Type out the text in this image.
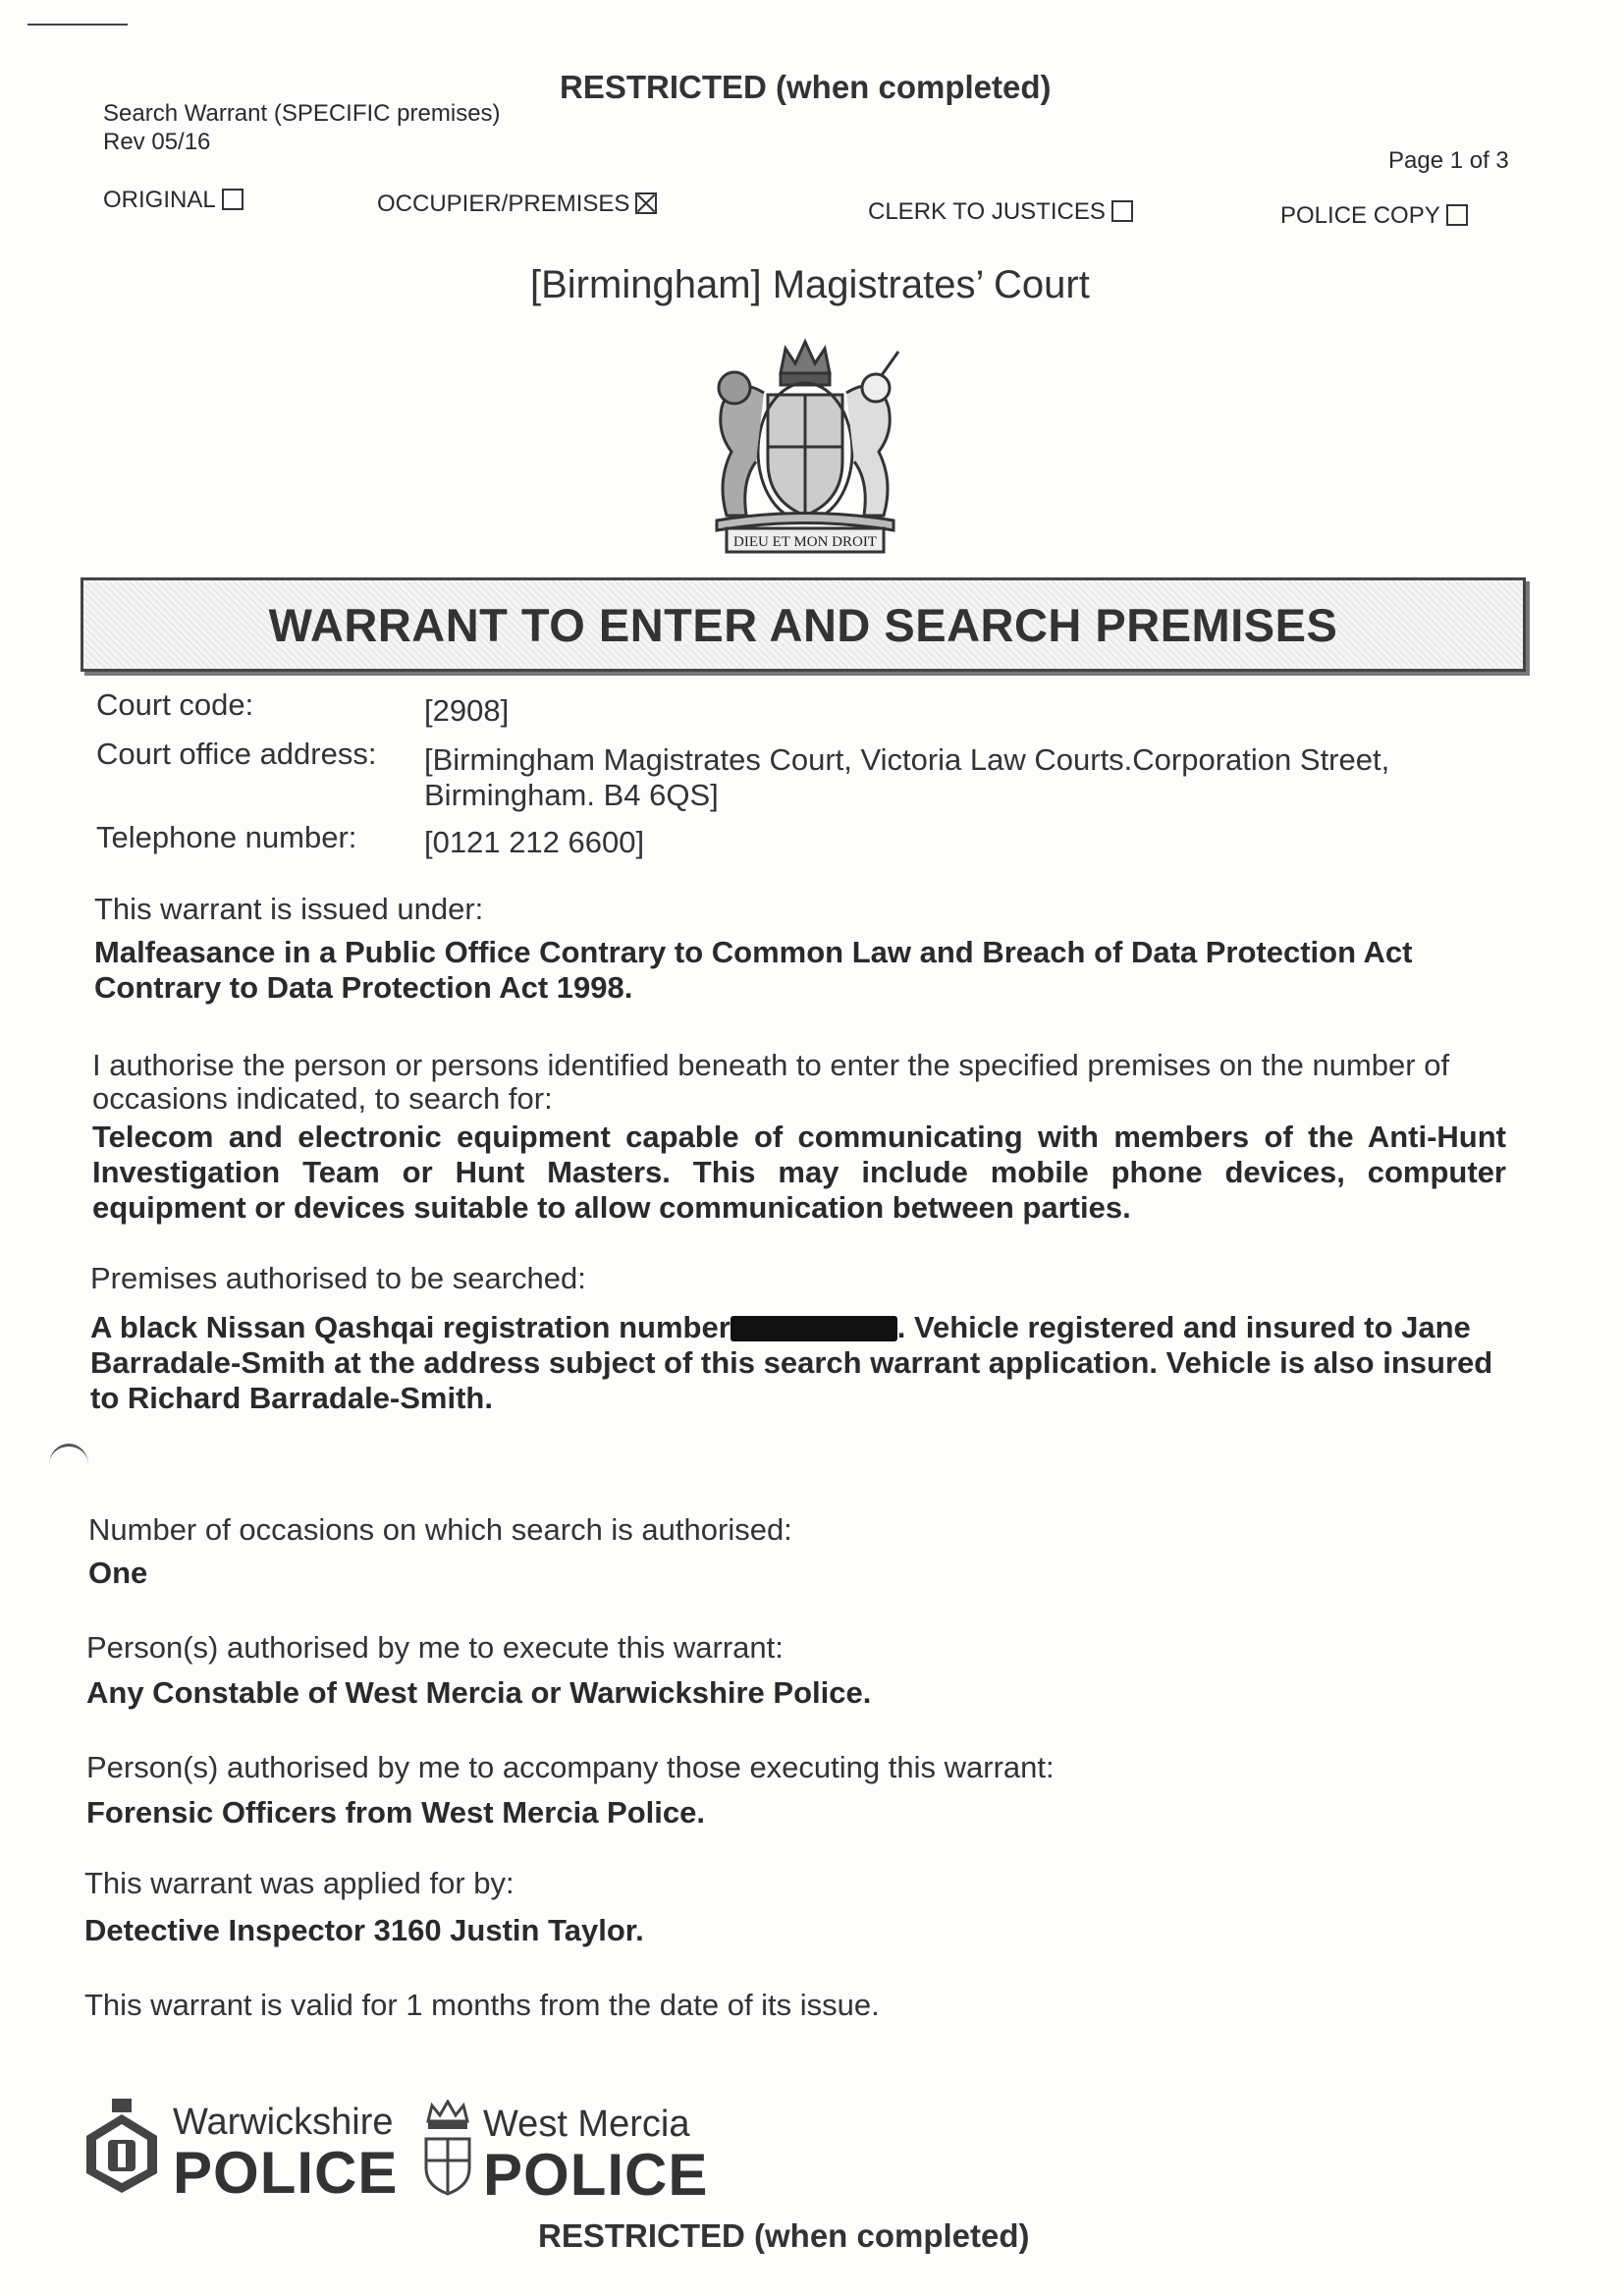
RESTRICTED (when completed)
Search Warrant (SPECIFIC premises)
Rev 05/16
Page 1 of 3
ORIGINAL	OCCUPIER/PREMISES	CLERK TO JUSTICES	POLICE COPY
[Birmingham] Magistrates’ Court
DIEU ET MON DROIT
WARRANT TO ENTER AND SEARCH PREMISES
Court code:	[2908]
Court office address: [Birmingham Magistrates Court, Victoria Law Courts.Corporation Street,
Birmingham. B4 6QS]
Telephone number: [0121 212 6600]
This warrant is issued under:
Malfeasance in a Public Office Contrary to Common Law and Breach of Data Protection Act Contrary to Data Protection Act 1998.
I authorise the person or persons identified beneath to enter the specified premises on the number of occasions indicated, to search for:
Telecom and electronic equipment capable of communicating with members of the Anti-Hunt Investigation Team or Hunt Masters. This may include mobile phone devices, computer equipment or devices suitable to allow communication between parties.
Premises authorised to be searched:
A black Nissan Qashqai registration number	. Vehicle registered and insured to Jane Barradale-Smith at the address subject of this search warrant application. Vehicle is also insured to Richard Barradale-Smith.
Number of occasions on which search is authorised:
One
Person(s) authorised by me to execute this warrant:
Any Constable of West Mercia or Warwickshire Police.
Person(s) authorised by me to accompany those executing this warrant:
Forensic Officers from West Mercia Police.
This warrant was applied for by:
Detective Inspector 3160 Justin Taylor.
This warrant is valid for 1 months from the date of its issue.
Warwickshire
POLICE
West Mercia
POLICE
RESTRICTED (when completed)
